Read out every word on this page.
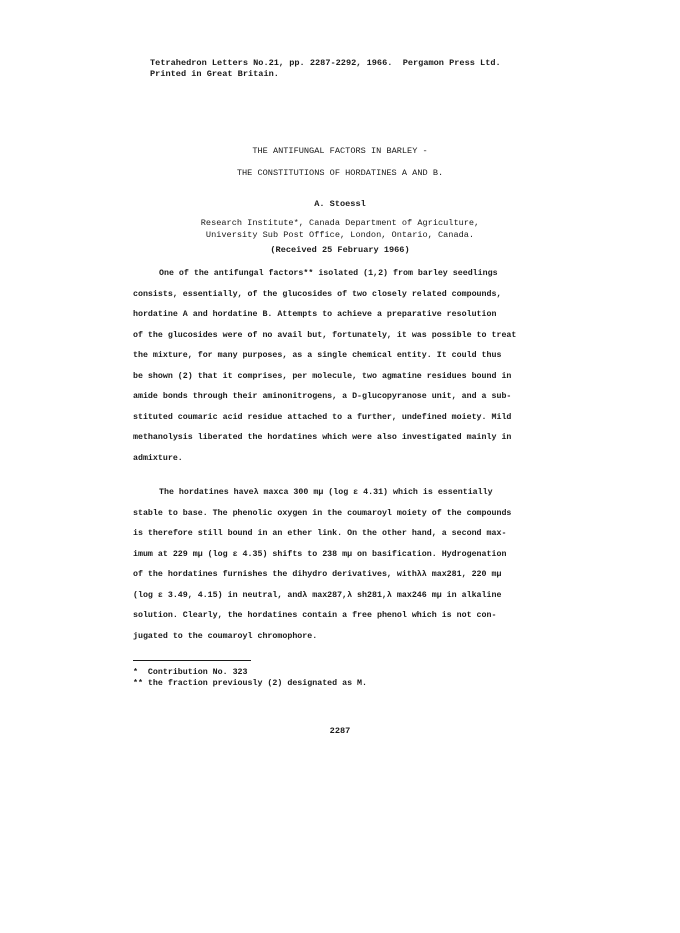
Tetrahedron Letters No.21, pp. 2287-2292, 1966.  Pergamon Press Ltd.
Printed in Great Britain.
THE ANTIFUNGAL FACTORS IN BARLEY -
THE CONSTITUTIONS OF HORDATINES A AND B.
A. Stoessl
Research Institute*, Canada Department of Agriculture,
University Sub Post Office, London, Ontario, Canada.
(Received 25 February 1966)
One of the antifungal factors** isolated (1,2) from barley seedlings
consists, essentially, of the glucosides of two closely related compounds,
hordatine A and hordatine B. Attempts to achieve a preparative resolution
of the glucosides were of no avail but, fortunately, it was possible to treat
the mixture, for many purposes, as a single chemical entity. It could thus
be shown (2) that it comprises, per molecule, two agmatine residues bound in
amide bonds through their aminonitrogens, a D-glucopyranose unit, and a sub-
stituted coumaric acid residue attached to a further, undefined moiety. Mild
methanolysis liberated the hordatines which were also investigated mainly in
admixture.
The hordatines haveλ maxca 300 mμ (log ε 4.31) which is essentially
stable to base. The phenolic oxygen in the coumaroyl moiety of the compounds
is therefore still bound in an ether link. On the other hand, a second max-
imum at 229 mμ (log ε 4.35) shifts to 238 mμ on basification. Hydrogenation
of the hordatines furnishes the dihydro derivatives, withλλ max281, 220 mμ
(log ε 3.49, 4.15) in neutral, andλ max287,λ sh281,λ max246 mμ in alkaline
solution. Clearly, the hordatines contain a free phenol which is not con-
jugated to the coumaroyl chromophore.
*  Contribution No. 323
** the fraction previously (2) designated as M.
2287
